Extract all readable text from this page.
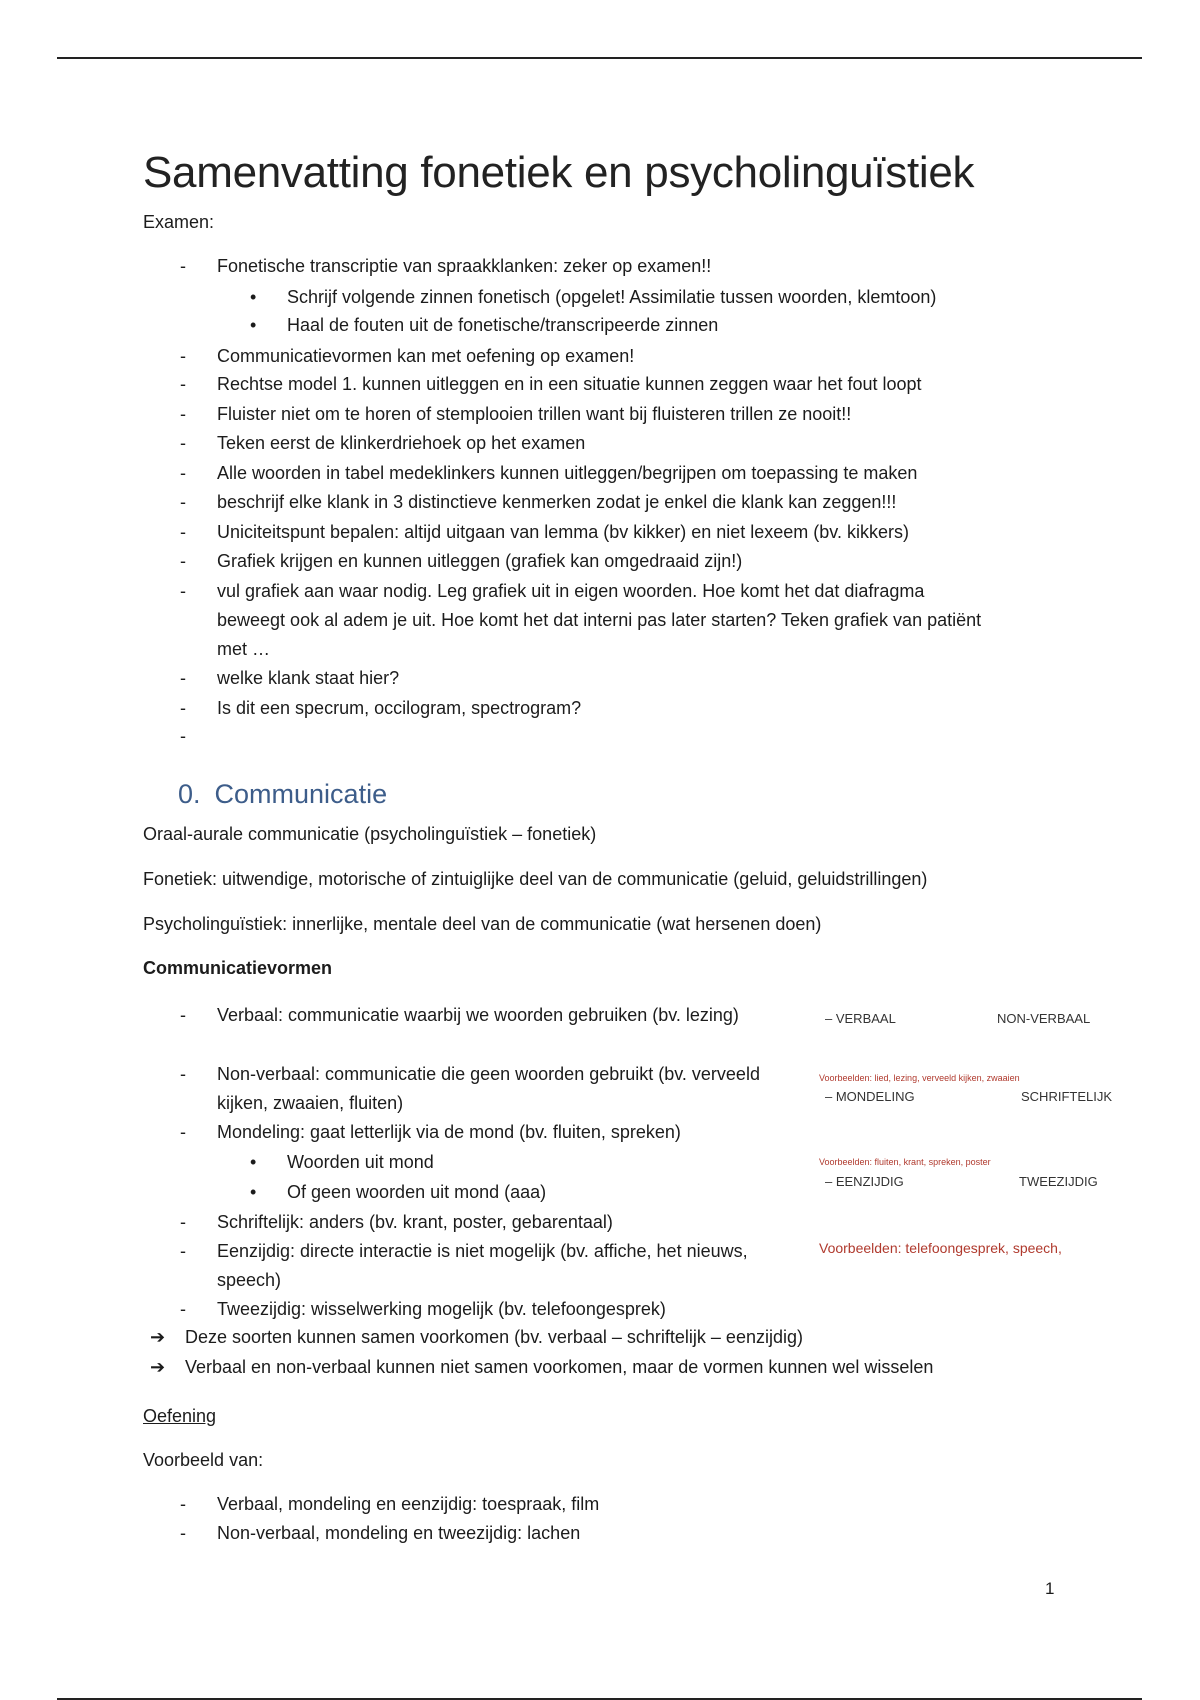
Samenvatting fonetiek en psycholinguïstiek
Examen:
- Fonetische transcriptie van spraakklanken: zeker op examen!!
• Schrijf volgende zinnen fonetisch (opgelet! Assimilatie tussen woorden, klemtoon)
• Haal de fouten uit de fonetische/transcripeerde zinnen
- Communicatievormen kan met oefening op examen!
- Rechtse model 1. kunnen uitleggen en in een situatie kunnen zeggen waar het fout loopt
- Fluister niet om te horen of stemplooien trillen want bij fluisteren trillen ze nooit!!
- Teken eerst de klinkerdriehoek op het examen
- Alle woorden in tabel medeklinkers kunnen uitleggen/begrijpen om toepassing te maken
- beschrijf elke klank in 3 distinctieve kenmerken zodat je enkel die klank kan zeggen!!!
- Uniciteitspunt bepalen: altijd uitgaan van lemma (bv kikker) en niet lexeem (bv. kikkers)
- Grafiek krijgen en kunnen uitleggen (grafiek kan omgedraaid zijn!)
- vul grafiek aan waar nodig. Leg grafiek uit in eigen woorden. Hoe komt het dat diafragma beweegt ook al adem je uit. Hoe komt het dat interni pas later starten? Teken grafiek van patiënt met …
- welke klank staat hier?
- Is dit een specrum, occilogram, spectrogram?
-
0. Communicatie
Oraal-aurale communicatie (psycholinguïstiek – fonetiek)
Fonetiek: uitwendige, motorische of zintuiglijke deel van de communicatie (geluid, geluidstrillingen)
Psycholinguïstiek: innerlijke, mentale deel van de communicatie (wat hersenen doen)
Communicatievormen
- Verbaal: communicatie waarbij we woorden gebruiken (bv. lezing)
- Non-verbaal: communicatie die geen woorden gebruikt (bv. verveeld kijken, zwaaien, fluiten)
- Mondeling: gaat letterlijk via de mond (bv. fluiten, spreken)
• Woorden uit mond
• Of geen woorden uit mond (aaa)
- Schriftelijk: anders (bv. krant, poster, gebarentaal)
- Eenzijdig: directe interactie is niet mogelijk (bv. affiche, het nieuws, speech)
- Tweezijdig: wisselwerking mogelijk (bv. telefoongesprek)
➔ Deze soorten kunnen samen voorkomen (bv. verbaal – schriftelijk – eenzijdig)
➔ Verbaal en non-verbaal kunnen niet samen voorkomen, maar de vormen kunnen wel wisselen
– VERBAAL	NON-VERBAAL
Voorbeelden: lied, lezing, verveeld kijken, zwaaien
– MONDELING	SCHRIFTELIJK
Voorbeelden: fluiten, krant, spreken, poster
– EENZIJDIG	TWEEZIJDIG
Voorbeelden: telefoongesprek, speech,
Oefening
Voorbeeld van:
- Verbaal, mondeling en eenzijdig: toespraak, film
- Non-verbaal, mondeling en tweezijdig: lachen
1
